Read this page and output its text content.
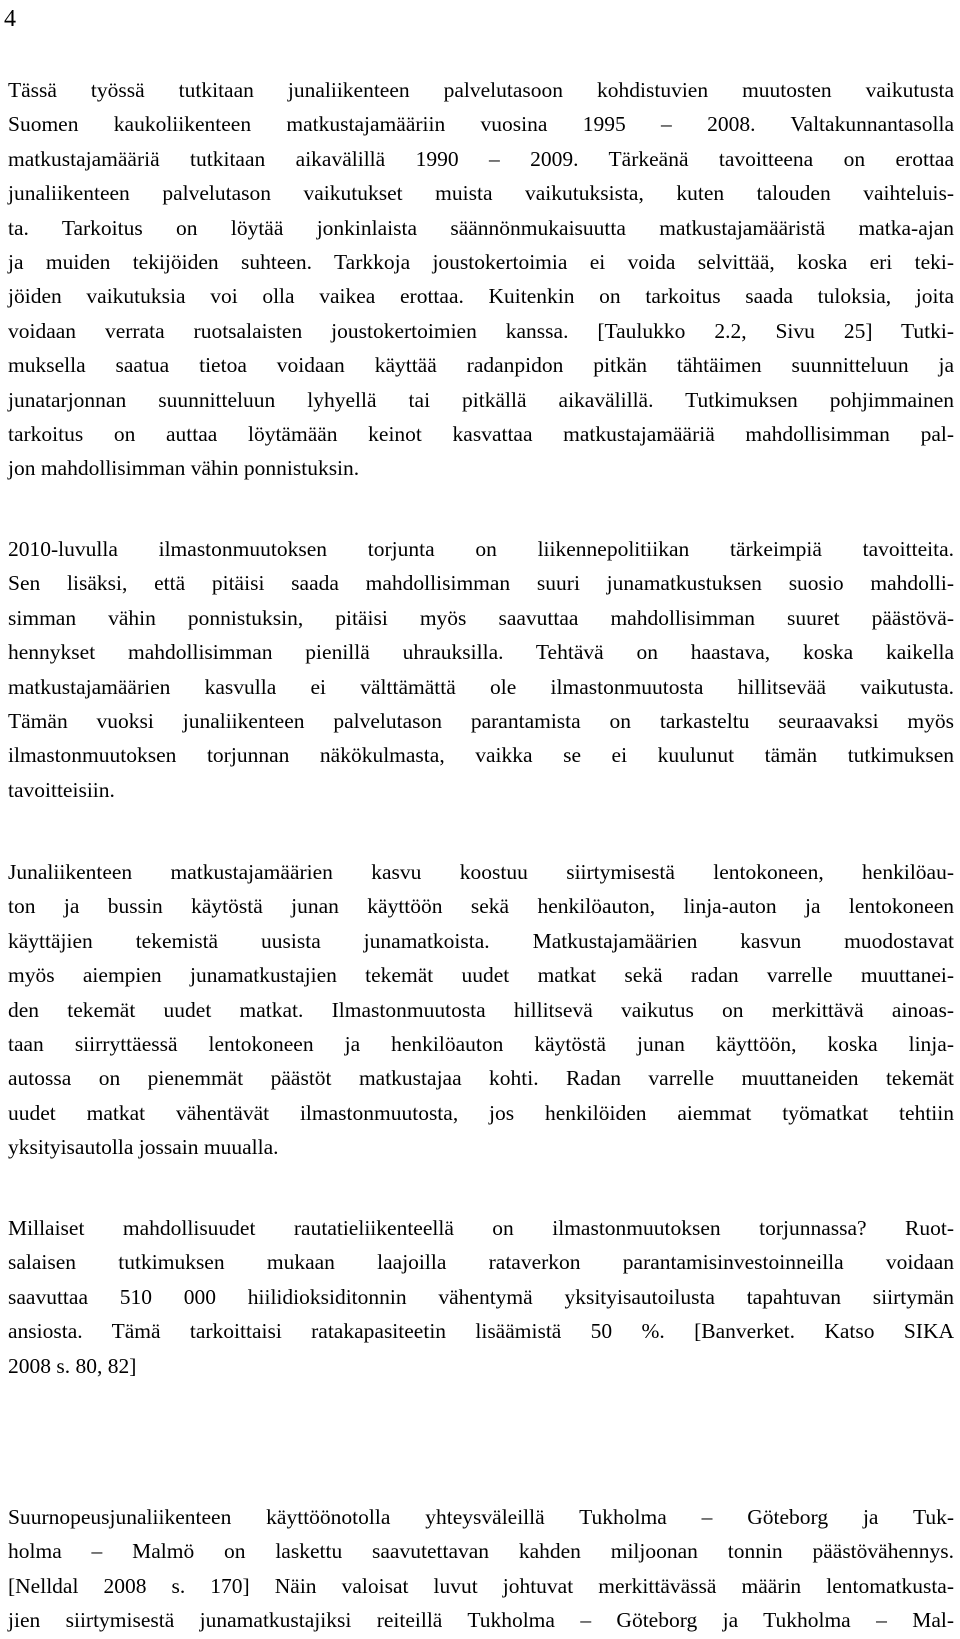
4
Tässä työssä tutkitaan junaliikenteen palvelutasoon kohdistuvien muutosten vaikutusta
Suomen kaukoliikenteen matkustajamääriin vuosina 1995 – 2008. Valtakunnantasolla
matkustajamääriä tutkitaan aikavälillä 1990 – 2009. Tärkeänä tavoitteena on erottaa
junaliikenteen palvelutason vaikutukset muista vaikutuksista, kuten talouden vaihteluis-
ta. Tarkoitus on löytää jonkinlaista säännönmukaisuutta matkustajamääristä matka-ajan
ja muiden tekijöiden suhteen. Tarkkoja joustokertoimia ei voida selvittää, koska eri teki-
jöiden vaikutuksia voi olla vaikea erottaa. Kuitenkin on tarkoitus saada tuloksia, joita
voidaan verrata ruotsalaisten joustokertoimien kanssa. [Taulukko 2.2, Sivu 25] Tutki-
muksella saatua tietoa voidaan käyttää radanpidon pitkän tähtäimen suunnitteluun ja
junatarjonnan suunnitteluun lyhyellä tai pitkällä aikavälillä. Tutkimuksen pohjimmainen
tarkoitus on auttaa löytämään keinot kasvattaa matkustajamääriä mahdollisimman pal-
jon mahdollisimman vähin ponnistuksin.
2010-luvulla ilmastonmuutoksen torjunta on liikennepolitiikan tärkeimpiä tavoitteita.
Sen lisäksi, että pitäisi saada mahdollisimman suuri junamatkustuksen suosio mahdolli-
simman vähin ponnistuksin, pitäisi myös saavuttaa mahdollisimman suuret päästövä-
hennykset mahdollisimman pienillä uhrauksilla. Tehtävä on haastava, koska kaikella
matkustajamäärien kasvulla ei välttämättä ole ilmastonmuutosta hillitsevää vaikutusta.
Tämän vuoksi junaliikenteen palvelutason parantamista on tarkasteltu seuraavaksi myös
ilmastonmuutoksen torjunnan näkökulmasta, vaikka se ei kuulunut tämän tutkimuksen
tavoitteisiin.
Junaliikenteen matkustajamäärien kasvu koostuu siirtymisestä lentokoneen, henkilöau-
ton ja bussin käytöstä junan käyttöön sekä henkilöauton, linja-auton ja lentokoneen
käyttäjien tekemistä uusista junamatkoista. Matkustajamäärien kasvun muodostavat
myös aiempien junamatkustajien tekemät uudet matkat sekä radan varrelle muuttanei-
den tekemät uudet matkat. Ilmastonmuutosta hillitsevä vaikutus on merkittävä ainoas-
taan siirryttäessä lentokoneen ja henkilöauton käytöstä junan käyttöön, koska linja-
autossa on pienemmät päästöt matkustajaa kohti. Radan varrelle muuttaneiden tekemät
uudet matkat vähentävät ilmastonmuutosta, jos henkilöiden aiemmat työmatkat tehtiin
yksityisautolla jossain muualla.
Millaiset mahdollisuudet rautatieliikenteellä on ilmastonmuutoksen torjunnassa? Ruot-
salaisen tutkimuksen mukaan laajoilla rataverkon parantamisinvestoinneilla voidaan
saavuttaa 510 000 hiilidioksiditonnin vähentymä yksityisautoilusta tapahtuvan siirtymän
ansiosta. Tämä tarkoittaisi ratakapasiteetin lisäämistä 50 %. [Banverket. Katso SIKA
2008 s. 80, 82]
Suurnopeusjunaliikenteen käyttöönotolla yhteysväleillä Tukholma – Göteborg ja Tuk-
holma – Malmö on laskettu saavutettavan kahden miljoonan tonnin päästövähennys.
[Nelldal 2008 s. 170] Näin valoisat luvut johtuvat merkittävässä määrin lentomatkusta-
jien siirtymisestä junamatkustajiksi reiteillä Tukholma – Göteborg ja Tukholma – Mal-
